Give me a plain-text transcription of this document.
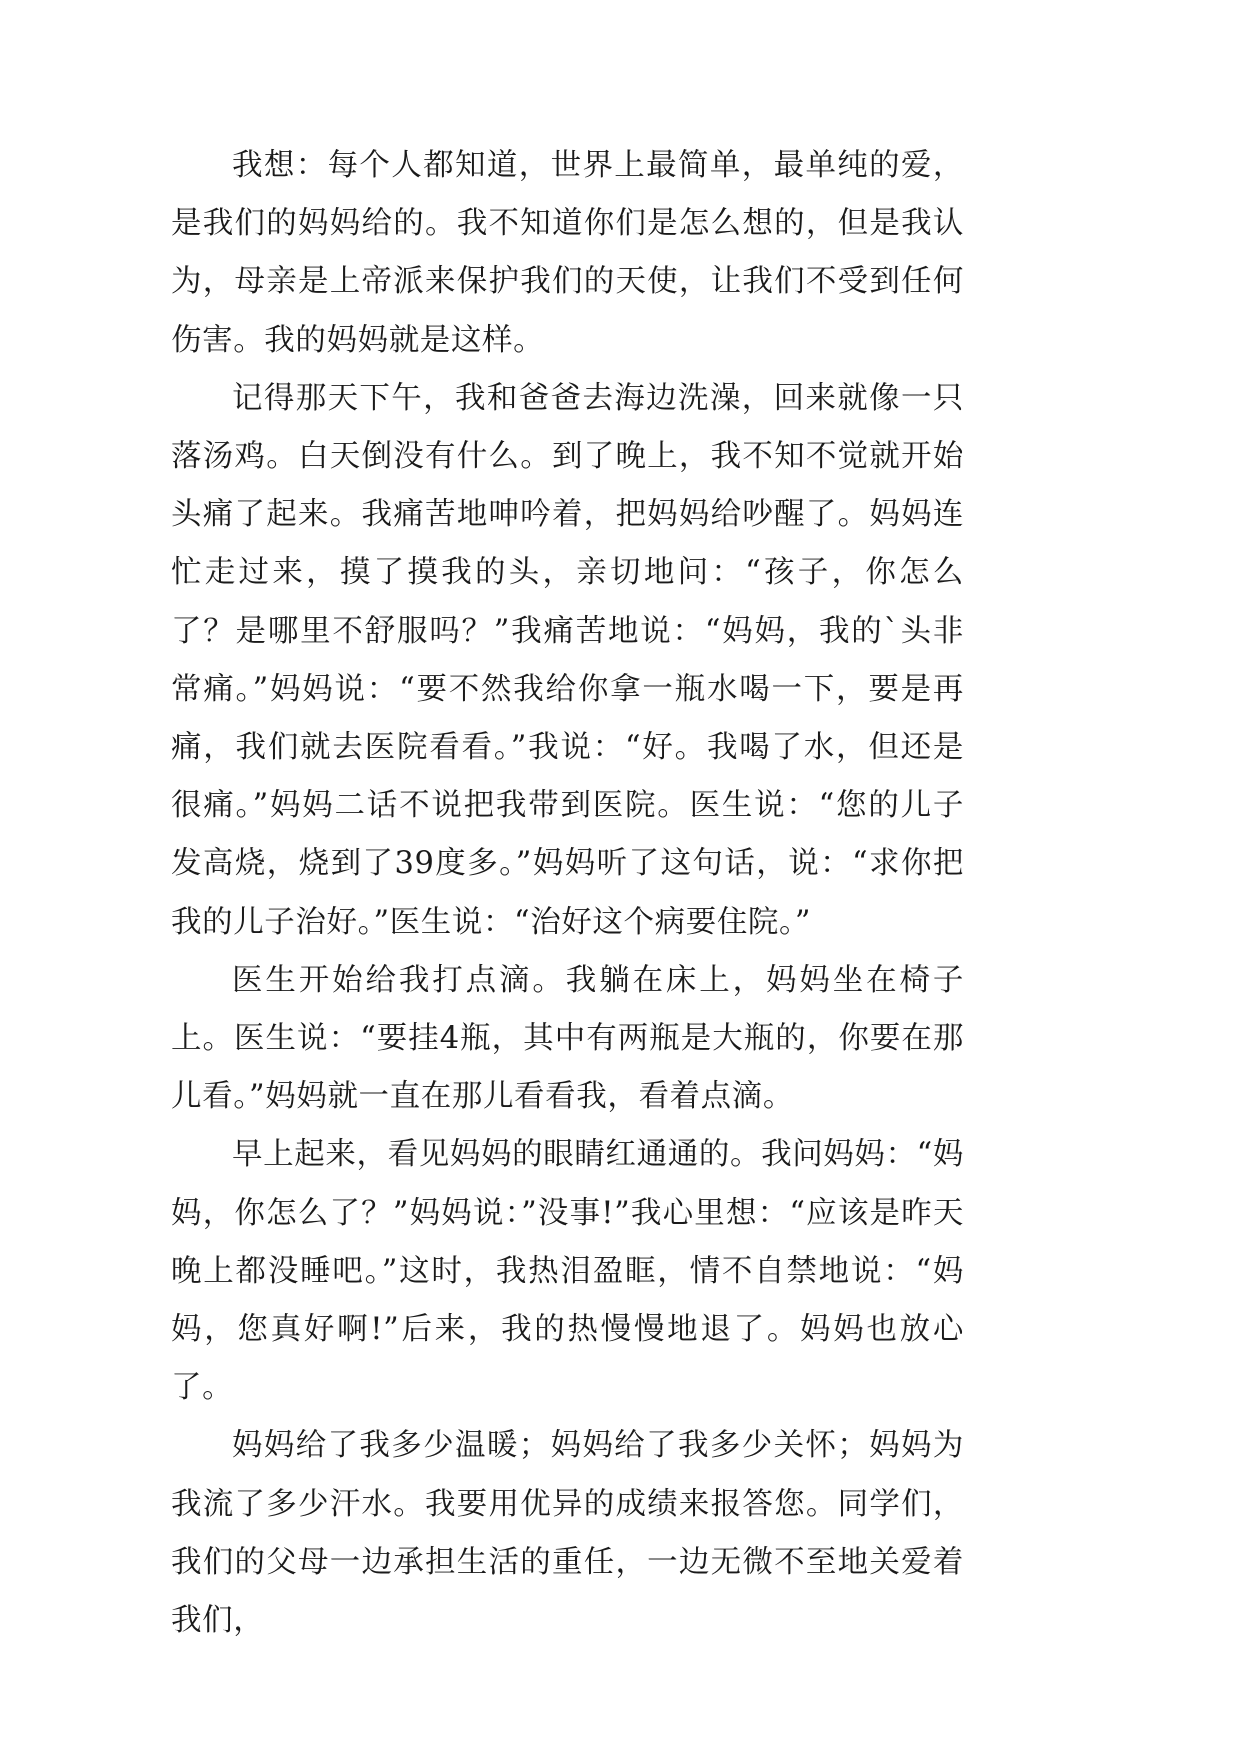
我想：每个人都知道，世界上最简单，最单纯的爱，是我们的妈妈给的。我不知道你们是怎么想的，但是我认为，母亲是上帝派来保护我们的天使，让我们不受到任何伤害。我的妈妈就是这样。

记得那天下午，我和爸爸去海边洗澡，回来就像一只落汤鸡。白天倒没有什么。到了晚上，我不知不觉就开始头痛了起来。我痛苦地呻吟着，把妈妈给吵醒了。妈妈连忙走过来，摸了摸我的头，亲切地问：“孩子，你怎么了？是哪里不舒服吗？”我痛苦地说：“妈妈，我的`头非常痛。”妈妈说：“要不然我给你拿一瓶水喝一下，要是再痛，我们就去医院看看。”我说：“好。我喝了水，但还是很痛。”妈妈二话不说把我带到医院。医生说：“您的儿子发高烧，烧到了39度多。”妈妈听了这句话，说：“求你把我的儿子治好。”医生说：“治好这个病要住院。”

医生开始给我打点滴。我躺在床上，妈妈坐在椅子上。医生说：“要挂4瓶，其中有两瓶是大瓶的，你要在那儿看。”妈妈就一直在那儿看看我，看着点滴。

早上起来，看见妈妈的眼睛红通通的。我问妈妈：“妈妈，你怎么了？”妈妈说：”没事!”我心里想：“应该是昨天晚上都没睡吧。”这时，我热泪盈眶，情不自禁地说：“妈妈，您真好啊!”后来，我的热慢慢地退了。妈妈也放心了。

妈妈给了我多少温暖；妈妈给了我多少关怀；妈妈为我流了多少汗水。我要用优异的成绩来报答您。同学们，我们的父母一边承担生活的重任，一边无微不至地关爱着我们，
